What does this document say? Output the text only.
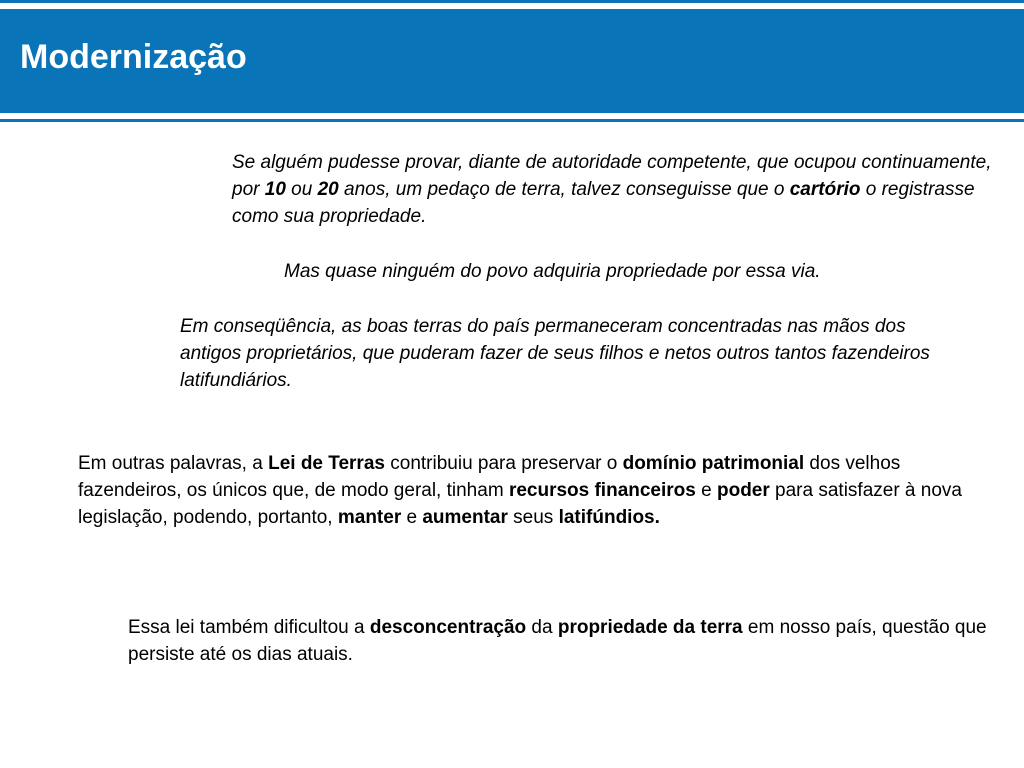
Modernização

Se alguém pudesse provar, diante de autoridade competente, que ocupou continuamente, por 10 ou 20 anos, um pedaço de terra, talvez conseguisse que o cartório o registrasse como sua propriedade.

Mas quase ninguém do povo adquiria propriedade por essa via.

Em conseqüência, as boas terras do país permaneceram concentradas nas mãos dos antigos proprietários, que puderam fazer de seus filhos e netos outros tantos fazendeiros latifundiários.

Em outras palavras, a Lei de Terras contribuiu para preservar o domínio patrimonial dos velhos fazendeiros, os únicos que, de modo geral, tinham recursos financeiros e poder para satisfazer à nova legislação, podendo, portanto, manter e aumentar seus latifúndios.

Essa lei também dificultou a desconcentração da propriedade da terra em nosso país, questão que persiste até os dias atuais.
